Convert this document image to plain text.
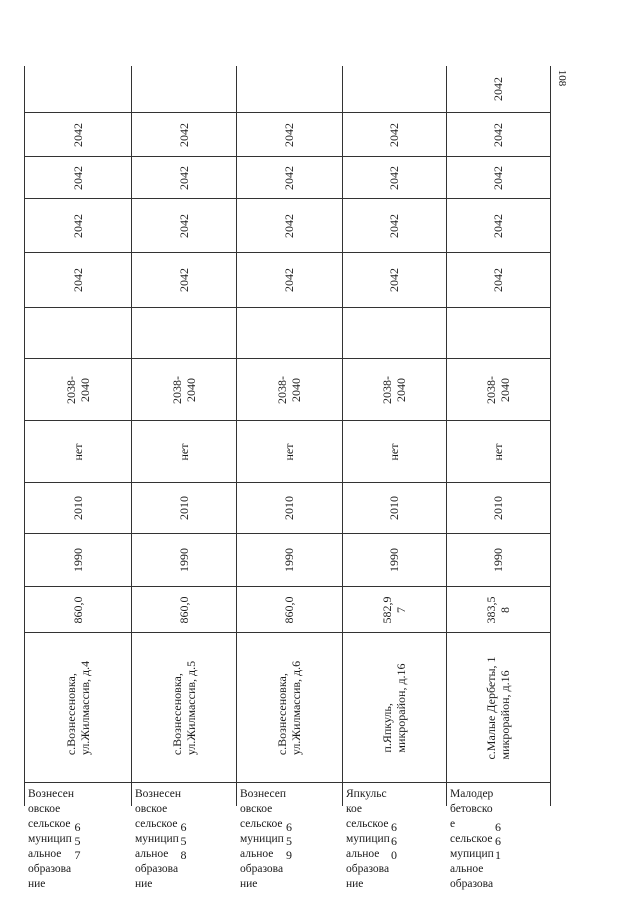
108
2042
2042
2042
2042
2038- 2040
нет
2010
1990
860,0
с.Вознесеновка, ул.Жилмассив, д.4
Вознесен
овское
сельское
муницип
альное
образова
ние
6
5
7
2042
2042
2042
2042
2038- 2040
нет
2010
1990
860,0
с.Вознесеновка, ул.Жилмассив, д.5
Вознесен
овское
сельское
муницип
альное
образова
ние
6
5
8
2042
2042
2042
2042
2038- 2040
нет
2010
1990
860,0
с.Вознесеновка, ул.Жилмассив, д.6
Вознесеп
овское
сельское
муницип
альное
образова
ние
6
5
9
2042
2042
2042
2042
2038- 2040
нет
2010
1990
582,9 7
п.Япкуль, микрорайон, д.16
Япкульс
кое
сельское
мупицип
альное
образова
ние
6
6
0
2042
2042
2042
2042
2042
2038- 2040
нет
2010
1990
383,5 8
с.Малые Дербеты, 1 микрорайон, д.16
Малодер
бетовско
е
сельское
мупицип
альное
образова
6
6
1
